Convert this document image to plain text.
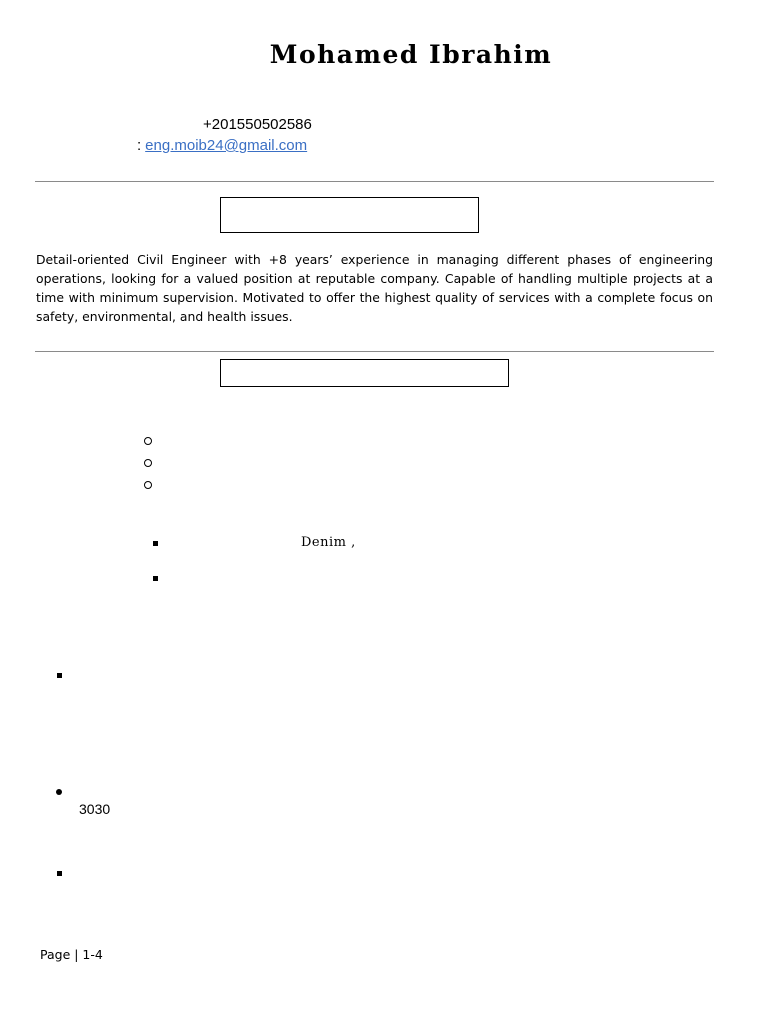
Mohamed Ibrahim
+201550502586
: eng.moib24@gmail.com
Detail-oriented Civil Engineer with +8 years’ experience in managing different phases of engineering operations, looking for a valued position at reputable company. Capable of handling multiple projects at a time with minimum supervision. Motivated to offer the highest quality of services with a complete focus on safety, environmental, and health issues.
Denim ,
3030
Page | 1-4
